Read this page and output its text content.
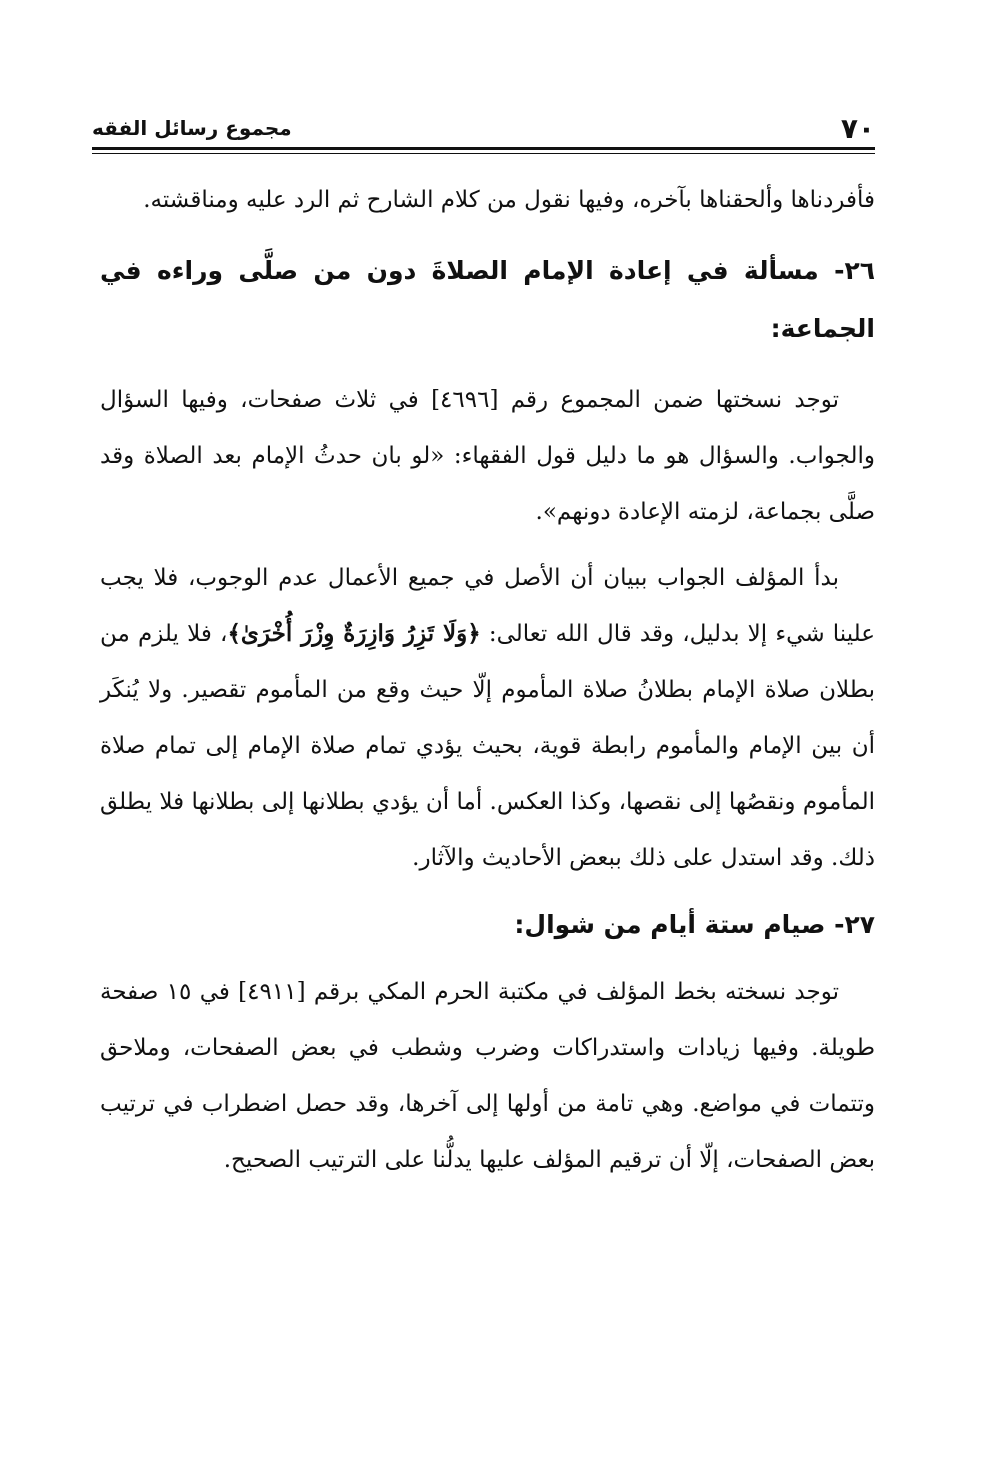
٧٠
مجموع رسائل الفقه

فأفردناها وألحقناها بآخره، وفيها نقول من كلام الشارح ثم الرد عليه ومناقشته.

٢٦- مسألة في إعادة الإمام الصلاةَ دون من صلَّى وراءه في الجماعة:

توجد نسختها ضمن المجموع رقم [٤٦٩٦] في ثلاث صفحات، وفيها السؤال والجواب. والسؤال هو ما دليل قول الفقهاء: «لو بان حدثُ الإمام بعد الصلاة وقد صلَّى بجماعة، لزمته الإعادة دونهم».

بدأ المؤلف الجواب ببيان أن الأصل في جميع الأعمال عدم الوجوب، فلا يجب علينا شيء إلا بدليل، وقد قال الله تعالى: ﴿وَلَا تَزِرُ وَازِرَةٌ وِزْرَ أُخْرَىٰ﴾، فلا يلزم من بطلان صلاة الإمام بطلانُ صلاة المأموم إلّا حيث وقع من المأموم تقصير. ولا يُنكَر أن بين الإمام والمأموم رابطة قوية، بحيث يؤدي تمام صلاة الإمام إلى تمام صلاة المأموم ونقصُها إلى نقصها، وكذا العكس. أما أن يؤدي بطلانها إلى بطلانها فلا يطلق ذلك. وقد استدل على ذلك ببعض الأحاديث والآثار.

٢٧- صيام ستة أيام من شوال:

توجد نسخته بخط المؤلف في مكتبة الحرم المكي برقم [٤٩١١] في ١٥ صفحة طويلة. وفيها زيادات واستدراكات وضرب وشطب في بعض الصفحات، وملاحق وتتمات في مواضع. وهي تامة من أولها إلى آخرها، وقد حصل اضطراب في ترتيب بعض الصفحات، إلّا أن ترقيم المؤلف عليها يدلُّنا على الترتيب الصحيح.
